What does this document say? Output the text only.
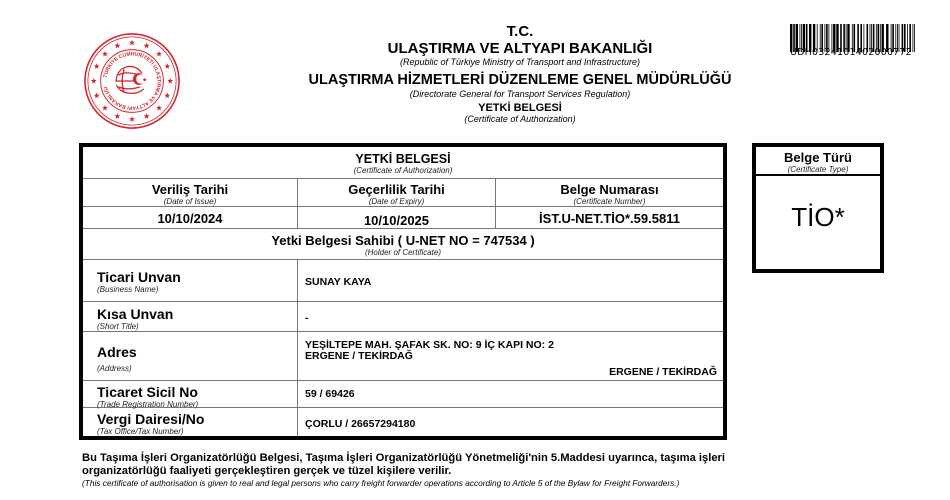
TÜRKİYE CUMHURİYETİ ULAŞTIRMA VE ALTYAPI BAKANLIĞI
T.C.
ULAŞTIRMA VE ALTYAPI BAKANLIĞI
(Republic of Türkiye Ministry of Transport and Infrastructure)
ULAŞTIRMA HİZMETLERİ DÜZENLEME GENEL MÜDÜRLÜĞÜ
(Directorate General for Transport Services Regulation)
YETKİ BELGESİ
(Certificate of Authorization)
UDH0324101402000772
YETKİ BELGESİ
(Certificate of Authorization)
Veriliş Tarihi
(Date of Issue)
Geçerlilik Tarihi
(Date of Expiry)
Belge Numarası
(Certificate Number)
10/10/2024	10/10/2025	İST.U-NET.TİO*.59.5811
Yetki Belgesi Sahibi ( U-NET NO = 747534 )
(Holder of Certificate)
Ticari Unvan
(Business Name)
SUNAY KAYA
Kısa Unvan
(Short Title)
-
Adres
(Address)
YEŞİLTEPE MAH. ŞAFAK SK. NO: 9 İÇ KAPI NO: 2
ERGENE / TEKİRDAĞ
ERGENE / TEKİRDAĞ
Ticaret Sicil No
(Trade Registration Number)
59 / 69426
Vergi Dairesi/No
(Tax Office/Tax Number)
ÇORLU / 26657294180
Belge Türü
(Certificate Type)
TİO*
Bu Taşıma İşleri Organizatörlüğü Belgesi, Taşıma İşleri Organizatörlüğü Yönetmeliği'nin 5.Maddesi uyarınca, taşıma işleri organizatörlüğü faaliyeti gerçekleştiren gerçek ve tüzel kişilere verilir.
(This certificate of authorisation is given to real and legal persons who carry freight forwarder operations according to Article 5 of the Bylaw for Freight Forwarders.)
